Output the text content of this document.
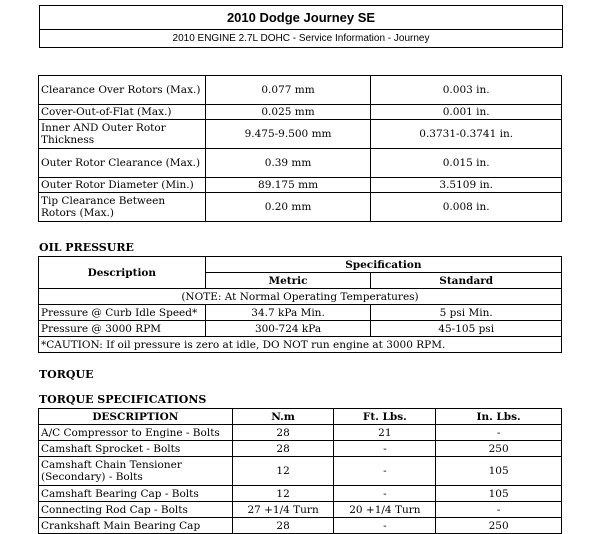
2010 Dodge Journey SE
2010 ENGINE 2.7L DOHC - Service Information - Journey
Clearance Over Rotors (Max.)	0.077 mm	0.003 in.
Cover-Out-of-Flat (Max.)	0.025 mm	0.001 in.
Inner AND Outer Rotor Thickness	9.475-9.500 mm	0.3731-0.3741 in.
Outer Rotor Clearance (Max.)	0.39 mm	0.015 in.
Outer Rotor Diameter (Min.)	89.175 mm	3.5109 in.
Tip Clearance Between Rotors (Max.)	0.20 mm	0.008 in.
OIL PRESSURE
Description	Specification	
	Metric	Standard
(NOTE: At Normal Operating Temperatures)		
Pressure @ Curb Idle Speed*	34.7 kPa Min.	5 psi Min.
Pressure @ 3000 RPM	300-724 kPa	45-105 psi
*CAUTION: If oil pressure is zero at idle, DO NOT run engine at 3000 RPM.		
TORQUE
TORQUE SPECIFICATIONS
DESCRIPTION	N.m	Ft. Lbs.	In. Lbs.
A/C Compressor to Engine - Bolts	28	21	-
Camshaft Sprocket - Bolts	28	-	250
Camshaft Chain Tensioner (Secondary) - Bolts	12	-	105
Camshaft Bearing Cap - Bolts	12	-	105
Connecting Rod Cap - Bolts	27 +1/4 Turn	20 +1/4 Turn	-
Crankshaft Main Bearing Cap	28	-	250
